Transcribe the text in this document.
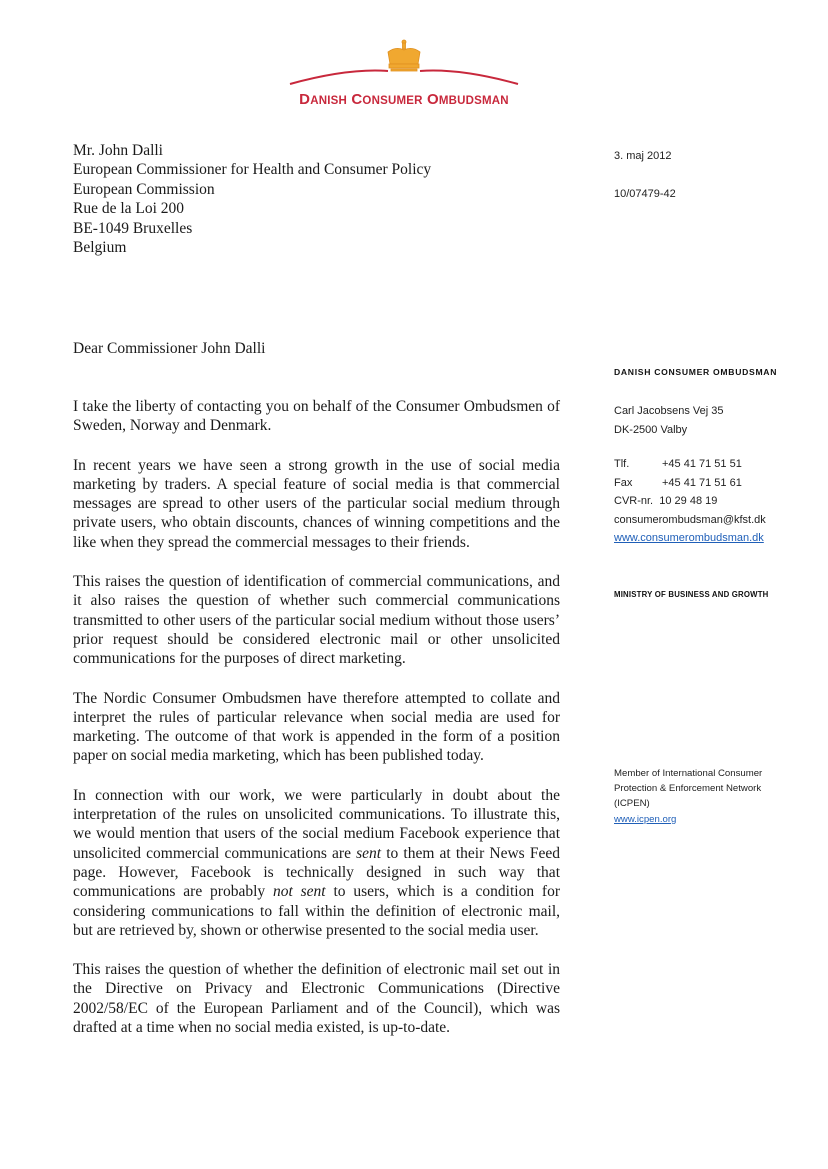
DANISH CONSUMER OMBUDSMAN
Mr. John Dalli
European Commissioner for Health and Consumer Policy
European Commission
Rue de la Loi 200
BE-1049 Bruxelles
Belgium
3. maj 2012
10/07479-42
DANISH CONSUMER OMBUDSMAN
Carl Jacobsens Vej 35
DK-2500 Valby
Tlf.	+45 41 71 51 51
Fax	+45 41 71 51 61
CVR-nr. 10 29 48 19
consumerombudsman@kfst.dk
www.consumerombudsman.dk
MINISTRY OF BUSINESS AND GROWTH
Member of International Consumer
Protection & Enforcement Network
(ICPEN)
www.icpen.org
Dear Commissioner John Dalli

I take the liberty of contacting you on behalf of the Consumer Ombudsmen of Sweden, Norway and Denmark.

In recent years we have seen a strong growth in the use of social media marketing by traders. A special feature of social media is that commercial messages are spread to other users of the particular social medium through private users, who obtain discounts, chances of winning competitions and the like when they spread the commercial messages to their friends.

This raises the question of identification of commercial communications, and it also raises the question of whether such commercial communications transmitted to other users of the particular social medium without those users’ prior request should be considered electronic mail or other unsolicited communications for the purposes of direct marketing.

The Nordic Consumer Ombudsmen have therefore attempted to collate and interpret the rules of particular relevance when social media are used for marketing. The outcome of that work is appended in the form of a position paper on social media marketing, which has been published today.

In connection with our work, we were particularly in doubt about the interpretation of the rules on unsolicited communications. To illustrate this, we would mention that users of the social medium Facebook experience that unsolicited commercial communications are sent to them at their News Feed page. However, Facebook is technically designed in such way that communications are probably not sent to users, which is a condition for considering communications to fall within the definition of electronic mail, but are retrieved by, shown or otherwise presented to the social media user.

This raises the question of whether the definition of electronic mail set out in the Directive on Privacy and Electronic Communications (Directive 2002/58/EC of the European Parliament and of the Council), which was drafted at a time when no social media existed, is up-to-date.
